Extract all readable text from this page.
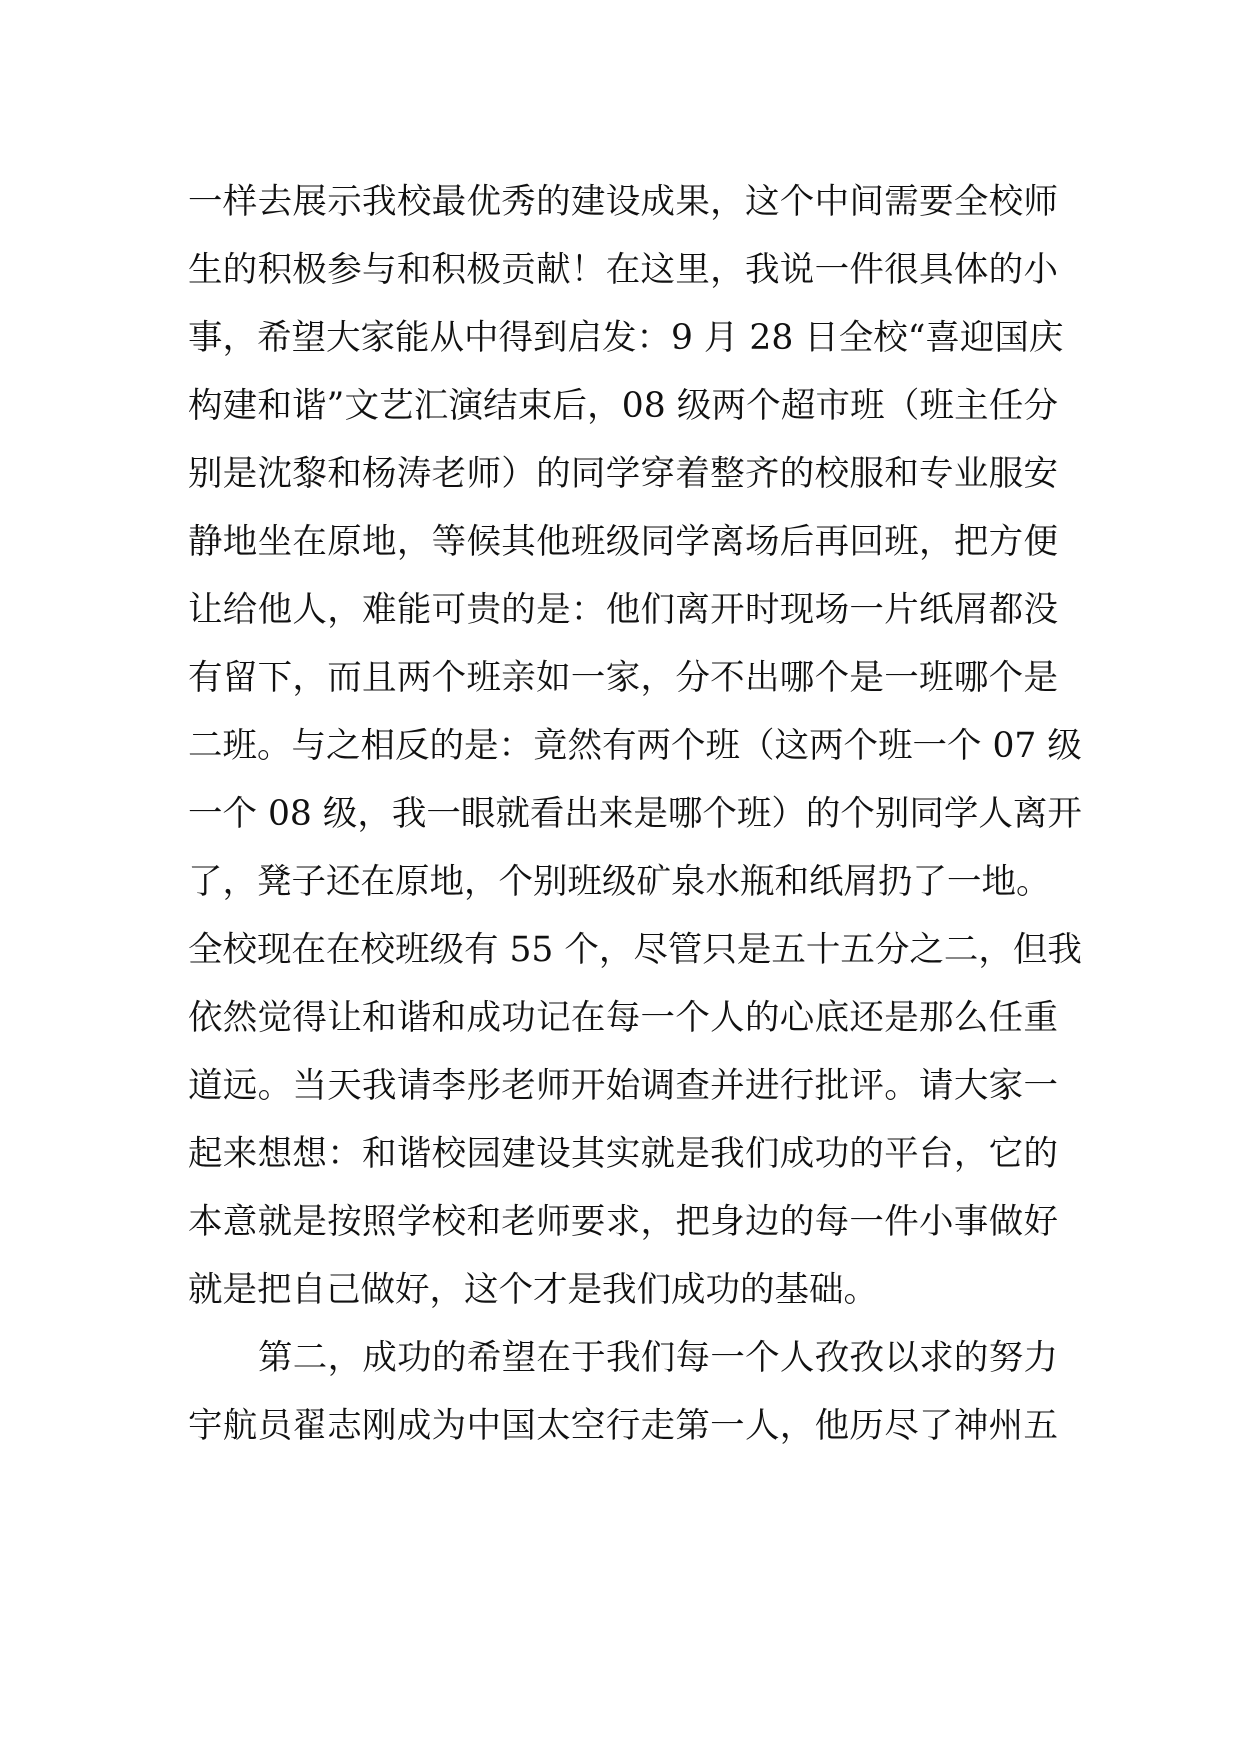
一样去展示我校最优秀的建设成果，这个中间需要全校师
生的积极参与和积极贡献！在这里，我说一件很具体的小
事，希望大家能从中得到启发：9 月 28 日全校“喜迎国庆
构建和谐”文艺汇演结束后，08 级两个超市班（班主任分
别是沈黎和杨涛老师）的同学穿着整齐的校服和专业服安
静地坐在原地，等候其他班级同学离场后再回班，把方便
让给他人，难能可贵的是：他们离开时现场一片纸屑都没
有留下，而且两个班亲如一家，分不出哪个是一班哪个是
二班。与之相反的是：竟然有两个班（这两个班一个 07 级
一个 08 级，我一眼就看出来是哪个班）的个别同学人离开
了，凳子还在原地，个别班级矿泉水瓶和纸屑扔了一地。
全校现在在校班级有 55 个，尽管只是五十五分之二，但我
依然觉得让和谐和成功记在每一个人的心底还是那么任重
道远。当天我请李彤老师开始调查并进行批评。请大家一
起来想想：和谐校园建设其实就是我们成功的平台，它的
本意就是按照学校和老师要求，把身边的每一件小事做好
就是把自己做好，这个才是我们成功的基础。
第二，成功的希望在于我们每一个人孜孜以求的努力
宇航员翟志刚成为中国太空行走第一人，他历尽了神州五
